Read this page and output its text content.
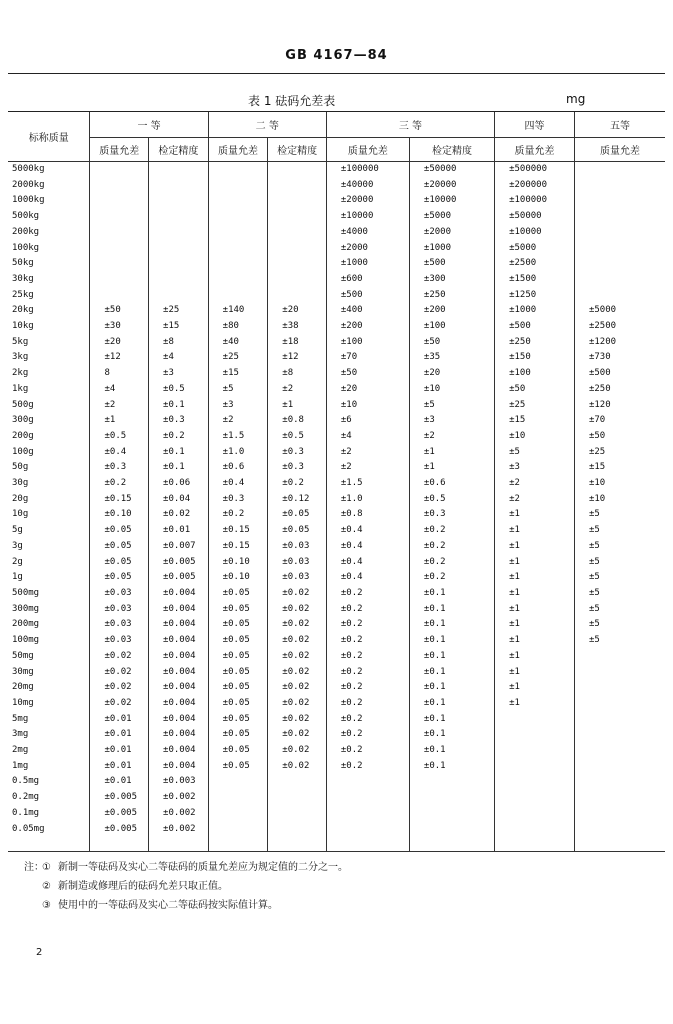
GB 4167—84
表 1 砝码允差表	mg
标称质量	一 等		二 等		三 等		四等	五等
	质量允差	检定精度	质量允差	检定精度	质量允差	检定精度	质量允差	质量允差
5000kg					±100000	±50000	±500000	
2000kg					±40000	±20000	±200000	
1000kg					±20000	±10000	±100000	
500kg					±10000	±5000	±50000	
200kg					±4000	±2000	±10000	
100kg					±2000	±1000	±5000	
50kg					±1000	±500	±2500	
30kg					±600	±300	±1500	
25kg					±500	±250	±1250	
20kg	±50	±25	±140	±20	±400	±200	±1000	±5000
10kg	±30	±15	±80	±38	±200	±100	±500	±2500
5kg	±20	±8	±40	±18	±100	±50	±250	±1200
3kg	±12	±4	±25	±12	±70	±35	±150	±730
2kg	8	±3	±15	±8	±50	±20	±100	±500
1kg	±4	±0.5	±5	±2	±20	±10	±50	±250
500g	±2	±0.1	±3	±1	±10	±5	±25	±120
300g	±1	±0.3	±2	±0.8	±6	±3	±15	±70
200g	±0.5	±0.2	±1.5	±0.5	±4	±2	±10	±50
100g	±0.4	±0.1	±1.0	±0.3	±2	±1	±5	±25
50g	±0.3	±0.1	±0.6	±0.3	±2	±1	±3	±15
30g	±0.2	±0.06	±0.4	±0.2	±1.5	±0.6	±2	±10
20g	±0.15	±0.04	±0.3	±0.12	±1.0	±0.5	±2	±10
10g	±0.10	±0.02	±0.2	±0.05	±0.8	±0.3	±1	±5
5g	±0.05	±0.01	±0.15	±0.05	±0.4	±0.2	±1	±5
3g	±0.05	±0.007	±0.15	±0.03	±0.4	±0.2	±1	±5
2g	±0.05	±0.005	±0.10	±0.03	±0.4	±0.2	±1	±5
1g	±0.05	±0.005	±0.10	±0.03	±0.4	±0.2	±1	±5
500mg	±0.03	±0.004	±0.05	±0.02	±0.2	±0.1	±1	±5
300mg	±0.03	±0.004	±0.05	±0.02	±0.2	±0.1	±1	±5
200mg	±0.03	±0.004	±0.05	±0.02	±0.2	±0.1	±1	±5
100mg	±0.03	±0.004	±0.05	±0.02	±0.2	±0.1	±1	±5
50mg	±0.02	±0.004	±0.05	±0.02	±0.2	±0.1	±1	
30mg	±0.02	±0.004	±0.05	±0.02	±0.2	±0.1	±1	
20mg	±0.02	±0.004	±0.05	±0.02	±0.2	±0.1	±1	
10mg	±0.02	±0.004	±0.05	±0.02	±0.2	±0.1	±1	
5mg	±0.01	±0.004	±0.05	±0.02	±0.2	±0.1		
3mg	±0.01	±0.004	±0.05	±0.02	±0.2	±0.1		
2mg	±0.01	±0.004	±0.05	±0.02	±0.2	±0.1		
1mg	±0.01	±0.004	±0.05	±0.02	±0.2	±0.1		
0.5mg	±0.01	±0.003						
0.2mg	±0.005	±0.002						
0.1mg	±0.005	±0.002						
0.05mg	±0.005	±0.002						

注：
① 新制一等砝码及实心二等砝码的质量允差应为规定值的二分之一。
② 新制造或修理后的砝码允差只取正值。
③ 使用中的一等砝码及实心二等砝码按实际值计算。
2
